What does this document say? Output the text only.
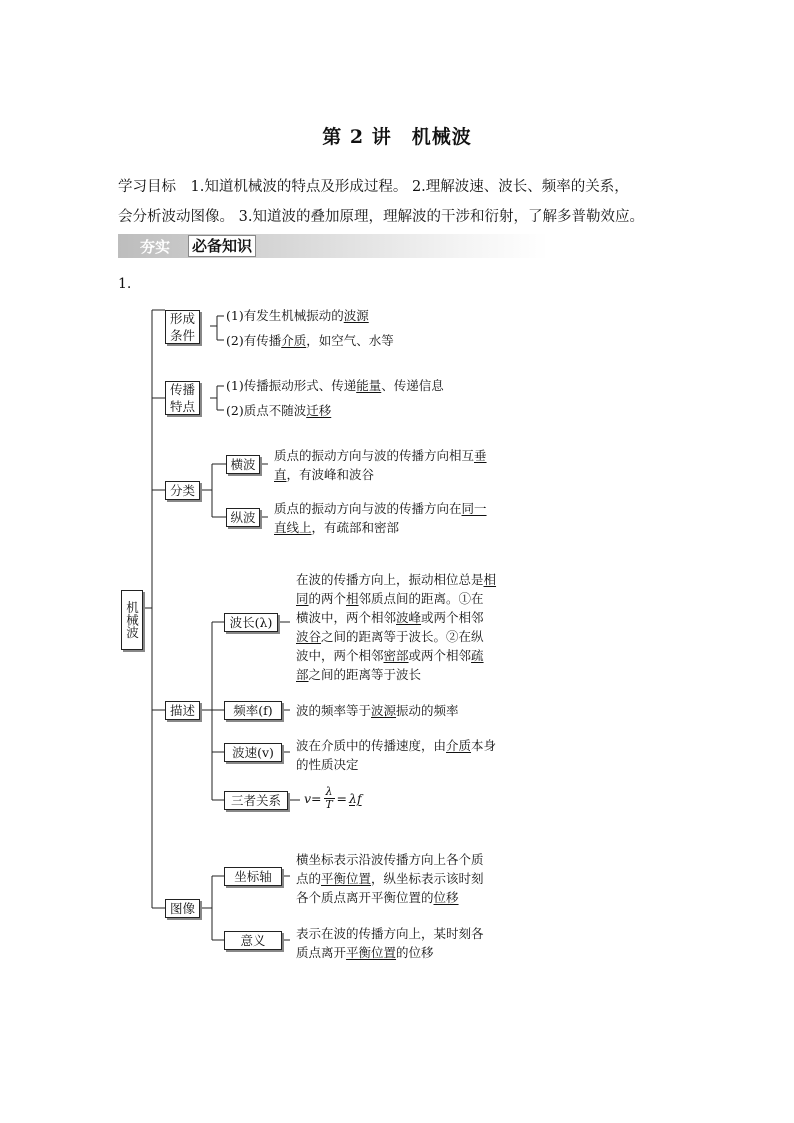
第 2 讲　机械波
学习目标　1.知道机械波的特点及形成过程。 2.理解波速、波长、频率的关系，
会分析波动图像。 3.知道波的叠加原理，理解波的干涉和衍射，了解多普勒效应。
夯实 必备知识
1.
机械波
形成条件
(1)有发生机械振动的波源
(2)有传播介质，如空气、水等
传播特点
(1)传播振动形式、传递能量、传递信息
(2)质点不随波迁移
分类
横波
质点的振动方向与波的传播方向相互垂
直，有波峰和波谷
纵波
质点的振动方向与波的传播方向在同一
直线上，有疏部和密部
描述
波长(λ)
在波的传播方向上，振动相位总是相
同的两个相邻质点间的距离。①在
横波中，两个相邻波峰或两个相邻
波谷之间的距离等于波长。②在纵
波中，两个相邻密部或两个相邻疏
部之间的距离等于波长
频率(f) 波的频率等于波源振动的频率
波速(v) 波在介质中的传播速度，由介质本身
的性质决定
三者关系 $v= \frac{\lambda}{T} = \lambda f$
图像
坐标轴
横坐标表示沿波传播方向上各个质
点的平衡位置，纵坐标表示该时刻
各个质点离开平衡位置的位移
意义 表示在波的传播方向上，某时刻各
质点离开平衡位置的位移
